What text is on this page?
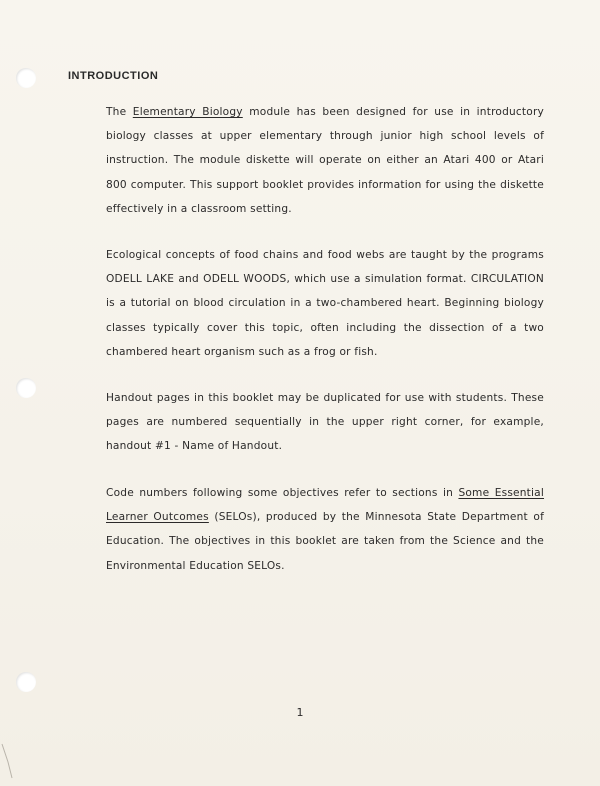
INTRODUCTION

The Elementary Biology module has been designed for use in introductory biology classes at upper elementary through junior high school levels of instruction. The module diskette will operate on either an Atari 400 or Atari 800 computer. This support booklet provides information for using the diskette effectively in a classroom setting.

Ecological concepts of food chains and food webs are taught by the programs ODELL LAKE and ODELL WOODS, which use a simulation format. CIRCULATION is a tutorial on blood circulation in a two-chambered heart. Beginning biology classes typically cover this topic, often including the dissection of a two chambered heart organism such as a frog or fish.

Handout pages in this booklet may be duplicated for use with students. These pages are numbered sequentially in the upper right corner, for example, handout #1 - Name of Handout.

Code numbers following some objectives refer to sections in Some Essential Learner Outcomes (SELOs), produced by the Minnesota State Department of Education. The objectives in this booklet are taken from the Science and the Environmental Education SELOs.

1
